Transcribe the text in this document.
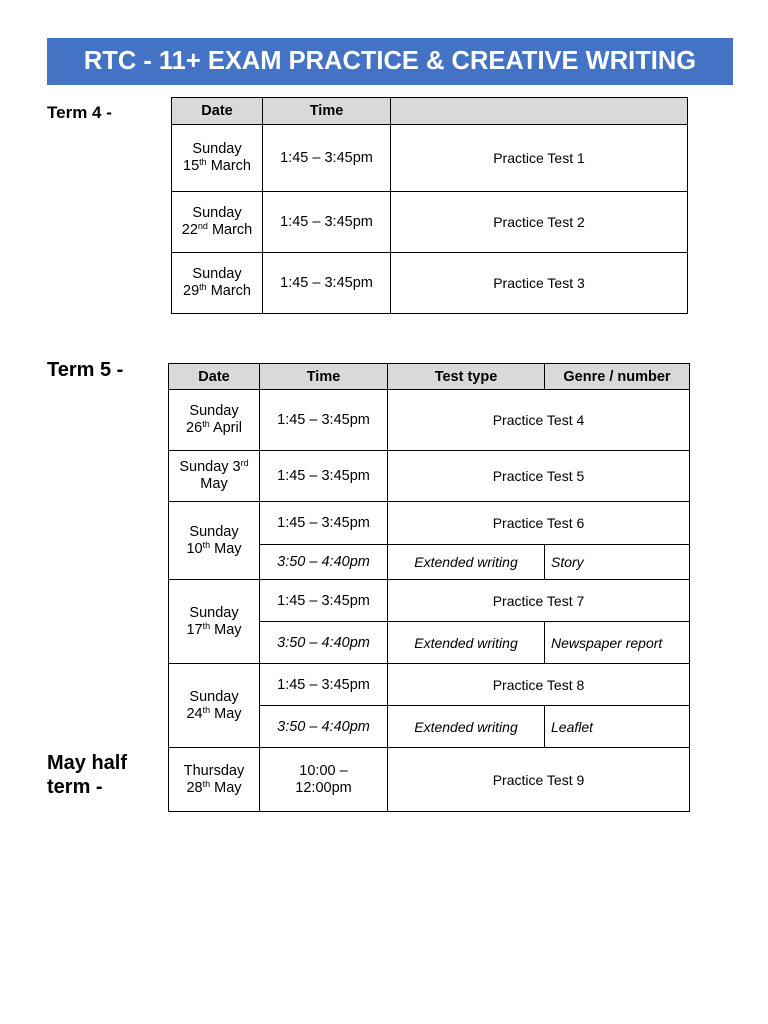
RTC - 11+ EXAM PRACTICE & CREATIVE WRITING
Term 4 -	Date	Time	

Sunday
15th March	1:45 – 3:45pm	Practice Test 1

Sunday
22nd March	1:45 – 3:45pm	Practice Test 2

Sunday
29th March	1:45 – 3:45pm	Practice Test 3
Term 5 -	Date	Time	Test type	Genre / number

Sunday
26th April	1:45 – 3:45pm	Practice Test 4	

Sunday 3rd
May	1:45 – 3:45pm	Practice Test 5	

Sunday
10th May	1:45 – 3:45pm	Practice Test 6	
	3:50 – 4:40pm	Extended writing	Story

Sunday
17th May	1:45 – 3:45pm	Practice Test 7	
	3:50 – 4:40pm	Extended writing	Newspaper report

Sunday
24th May	1:45 – 3:45pm	Practice Test 8	
	3:50 – 4:40pm	Extended writing	Leaflet

Thursday
28th May	10:00 –
12:00pm	Practice Test 9	
May half
term -
